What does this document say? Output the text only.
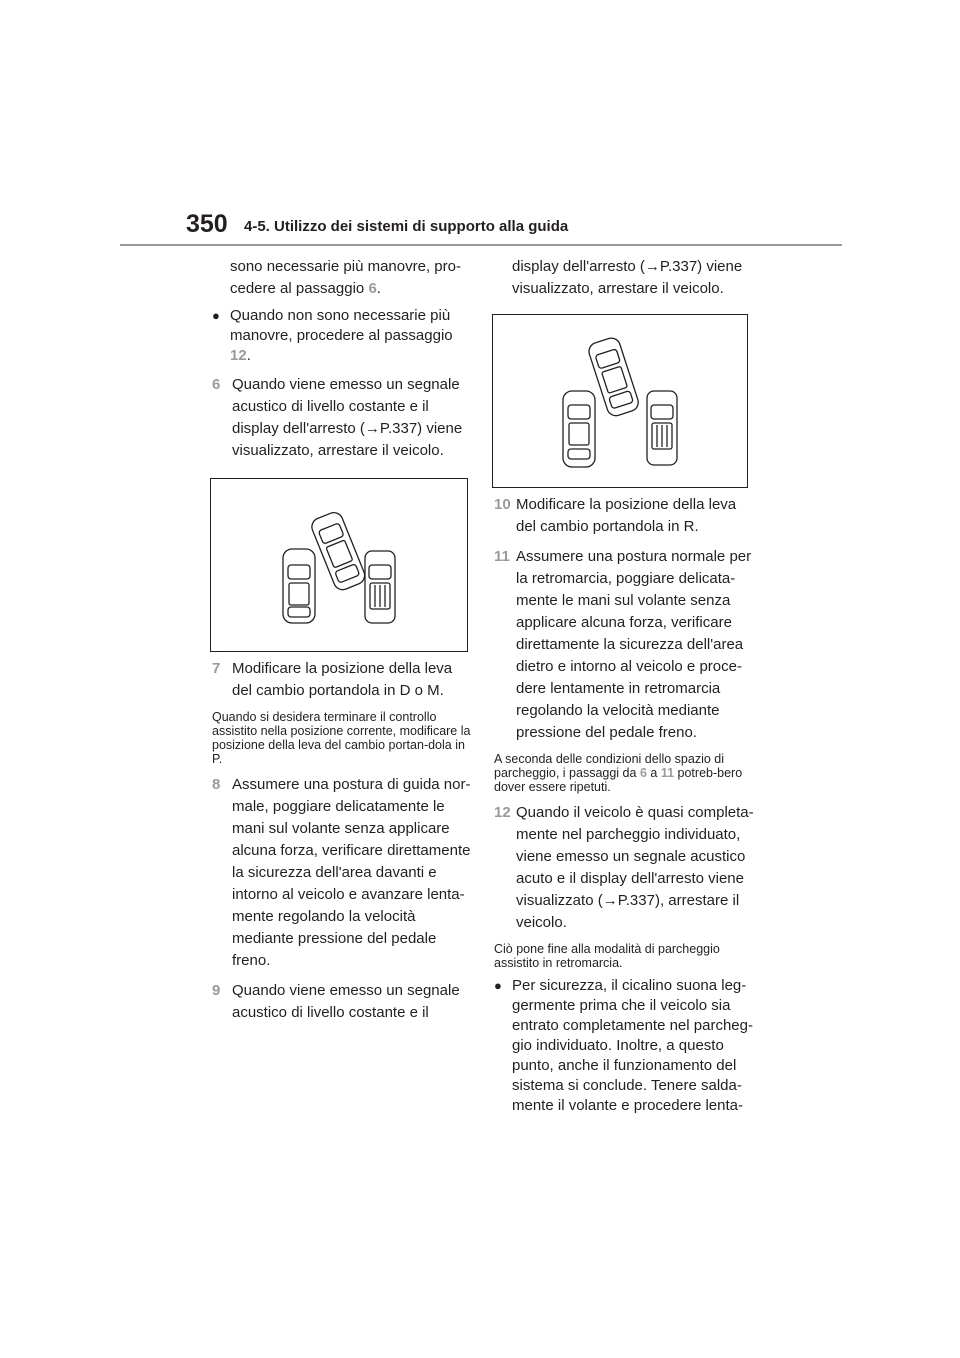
350 4-5. Utilizzo dei sistemi di supporto alla guida

sono necessarie più manovre, pro-cedere al passaggio 6.

● Quando non sono necessarie più manovre, procedere al passaggio 12.
6 Quando viene emesso un segnale acustico di livello costante e il display dell'arresto (→P.337) viene visualizzato, arrestare il veicolo.
7 Modificare la posizione della leva del cambio portandola in D o M.

Quando si desidera terminare il controllo assistito nella posizione corrente, modificare la posizione della leva del cambio portan-dola in P.

8 Assumere una postura di guida nor-male, poggiare delicatamente le mani sul volante senza applicare alcuna forza, verificare direttamente la sicurezza dell'area davanti e intorno al veicolo e avanzare lenta-mente regolando la velocità mediante pressione del pedale freno.
9 Quando viene emesso un segnale acustico di livello costante e il

display dell'arresto (→P.337) viene visualizzato, arrestare il veicolo.

10 Modificare la posizione della leva del cambio portandola in R.
11 Assumere una postura normale per la retromarcia, poggiare delicata-mente le mani sul volante senza applicare alcuna forza, verificare direttamente la sicurezza dell'area dietro e intorno al veicolo e proce-dere lentamente in retromarcia regolando la velocità mediante pressione del pedale freno.

A seconda delle condizioni dello spazio di parcheggio, i passaggi da 6 a 11 potreb-bero dover essere ripetuti.

12 Quando il veicolo è quasi completa-mente nel parcheggio individuato, viene emesso un segnale acustico acuto e il display dell'arresto viene visualizzato (→P.337), arrestare il veicolo.

Ciò pone fine alla modalità di parcheggio assistito in retromarcia.

● Per sicurezza, il cicalino suona leg-germente prima che il veicolo sia entrato completamente nel parcheg-gio individuato. Inoltre, a questo punto, anche il funzionamento del sistema si conclude. Tenere salda-mente il volante e procedere lenta-
